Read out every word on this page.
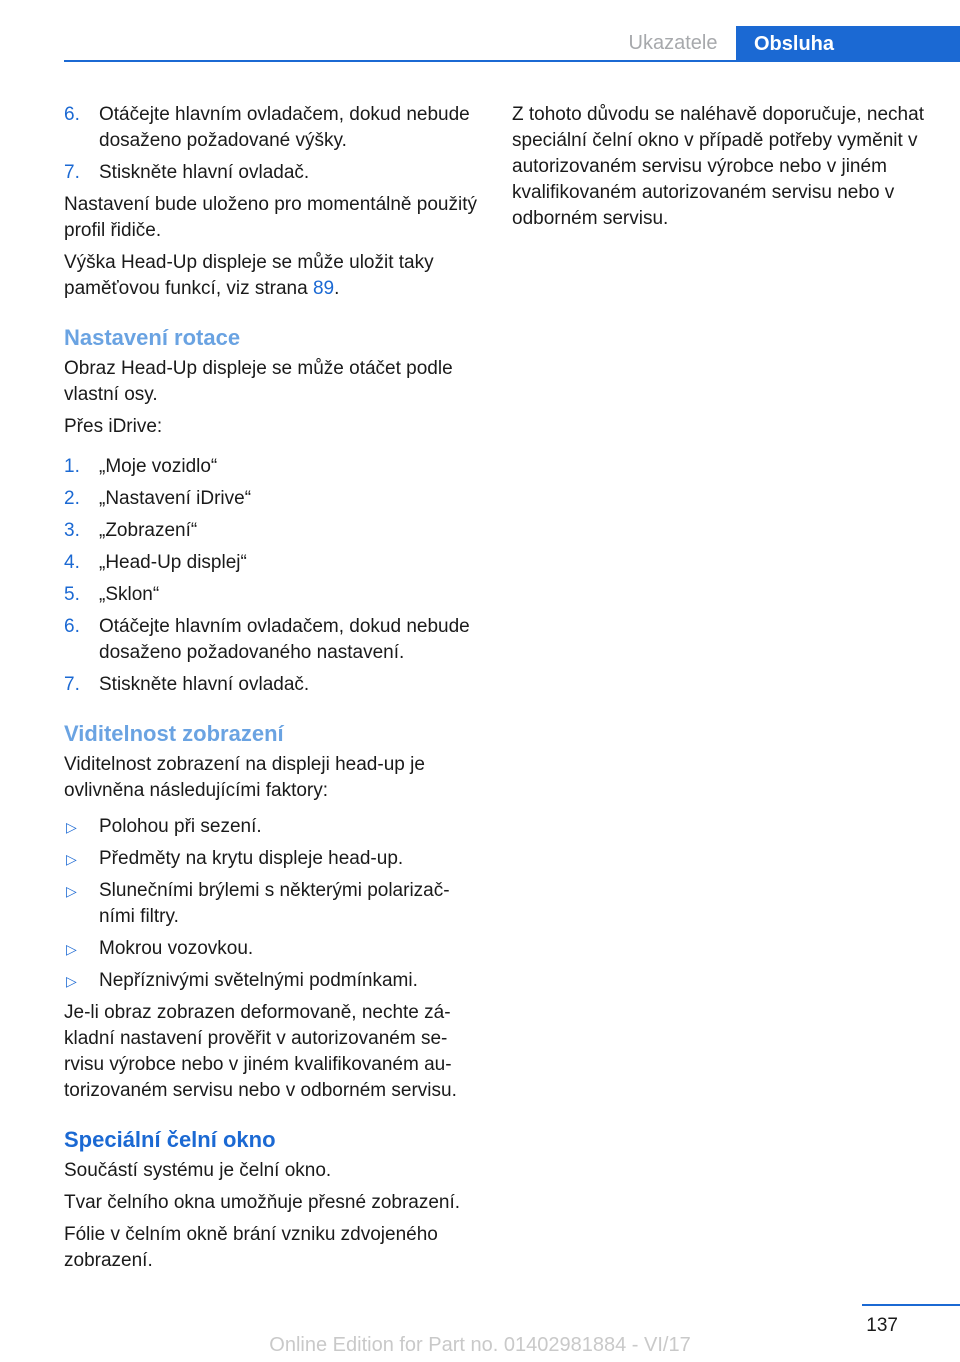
Ukazatele	Obsluha
6. Otáčejte hlavním ovladačem, dokud nebude dosaženo požadované výšky.
7. Stiskněte hlavní ovladač.

Nastavení bude uloženo pro momentálně použitý profil řidiče.

Výška Head-Up displeje se může uložit taky paměťovou funkcí, viz strana 89.

Nastavení rotace

Obraz Head-Up displeje se může otáčet podle vlastní osy.

Přes iDrive:

1. „Moje vozidlo“
2. „Nastavení iDrive“
3. „Zobrazení“
4. „Head-Up displej“
5. „Sklon“
6. Otáčejte hlavním ovladačem, dokud nebude dosaženo požadovaného nastavení.
7. Stiskněte hlavní ovladač.
Viditelnost zobrazení

Viditelnost zobrazení na displeji head-up je ovlivněna následujícími faktory:

▷ Polohou při sezení.
▷ Předměty na krytu displeje head-up.
▷ Slunečními brýlemi s některými polarizačními filtry.
▷ Mokrou vozovkou.
▷ Nepříznivými světelnými podmínkami.

Je-li obraz zobrazen deformovaně, nechte základní nastavení prověřit v autorizovaném servisu výrobce nebo v jiném kvalifikovaném autorizovaném servisu nebo v odborném servisu.

Speciální čelní okno

Součástí systému je čelní okno.

Tvar čelního okna umožňuje přesné zobrazení.

Fólie v čelním okně brání vzniku zdvojeného zobrazení.

Z tohoto důvodu se naléhavě doporučuje, nechat speciální čelní okno v případě potřeby vyměnit v autorizovaném servisu výrobce nebo v jiném kvalifikovaném autorizovaném servisu nebo v odborném servisu.

137
Online Edition for Part no. 01402981884 - VI/17
